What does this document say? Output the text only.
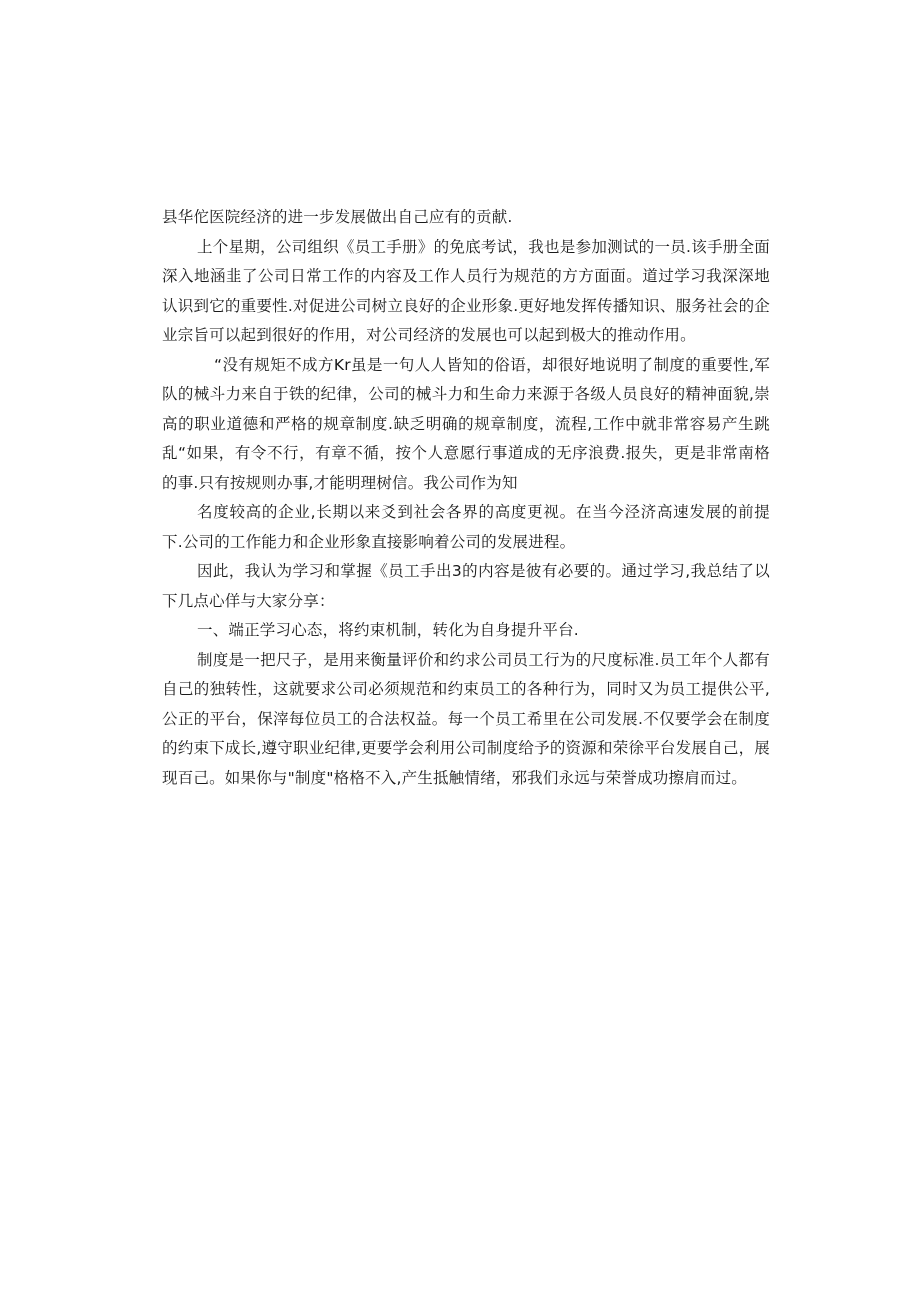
县华佗医院经济的进一步发展做出自己应有的贡献.

上个星期，公司组织《员工手册》的免底考试，我也是参加测试的一员.该手册全面深入地涵韭了公司日常工作的内容及工作人员行为规范的方方面面。道过学习我深深地认识到它的重要性.对促进公司树立良好的企业形象.更好地发挥传播知识、服务社会的企业宗旨可以起到很好的作用，对公司经济的发展也可以起到极大的推动作用。

“没有规矩不成方Kr虽是一句人人皆知的俗语，却很好地说明了制度的重要性,军队的械斗力来自于铁的纪律，公司的械斗力和生命力来源于各级人员良好的精神面貌,崇高的职业道德和严格的规章制度.缺乏明确的规章制度，流程,工作中就非常容易产生跳乱“如果，有令不行，有章不循，按个人意愿行事道成的无序浪费.报失，更是非常南格的事.只有按规则办事,才能明理树信。我公司作为知

名度较高的企业,长期以来爻到社会各界的高度更视。在当今泾济高速发展的前提下.公司的工作能力和企业形象直接影响着公司的发展进程。

因此，我认为学习和掌握《员工手出3的内容是彼有必要的。通过学习,我总结了以下几点心佯与大家分享：

一、端正学习心态，将约束机制，转化为自身提升平台.

制度是一把尺子，是用来衡量评价和约求公司员工行为的尺度标准.员工年个人都有自己的独转性，这就要求公司必须规范和约束员工的各种行为，同时又为员工提供公平,公正的平台，保滓每位员工的合法权益。每一个员工希里在公司发展.不仅要学会在制度的约束下成长,遵守职业纪律,更要学会利用公司制度给予的资源和荣徐平台发展自己，展现百己。如果你与"制度"格格不入,产生抵触情绪，邪我们永远与荣誉成功擦肩而过。
